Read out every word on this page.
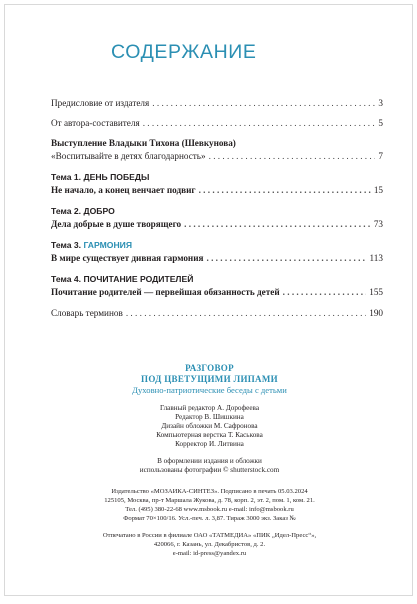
СОДЕРЖАНИЕ
Предисловие от издателя . . .	3
От автора-составителя . . .	5
Выступление Владыки Тихона (Шевкунова)
«Воспитывайте в детях благодарность» . . .	7
Тема 1. ДЕНЬ ПОБЕДЫ
Не начало, а конец венчает подвиг . . .	15
Тема 2. ДОБРО
Дела добрые в душе творящего . . .	73
Тема 3. ГАРМОНИЯ
В мире существует дивная гармония . . .	113
Тема 4. ПОЧИТАНИЕ РОДИТЕЛЕЙ
Почитание родителей — первейшая обязанность детей . . .	155
Словарь терминов . . .	190
РАЗГОВОР
ПОД ЦВЕТУЩИМИ ЛИПАМИ
Духовно-патриотические беседы с детьми
Главный редактор А. Дорофеева
Редактор В. Шишкина
Дизайн обложки М. Сафронова
Компьютерная верстка Т. Каськова
Корректор И. Литвина
В оформлении издания и обложки
использованы фотографии © shutterstock.com
Издательство «МОЗАИКА-СИНТЕЗ». Подписано в печать 05.03.2024
125105, Москва, пр-т Маршала Жукова, д. 78, корп. 2, эт. 2, пом. 1, ком. 21.
Тел. (495) 380-22-68 www.msbook.ru e-mail: info@msbook.ru
Формат 70×100/16. Усл.-печ. л. 3,87. Тираж 3000 экз. Заказ №
Отпечатано в России в филиале ОАО «ТАТМЕДИА» «ПИК „Идел-Пресс“»,
420066, г. Казань, ул. Декабристов, д. 2.
e-mail: id-press@yandex.ru
